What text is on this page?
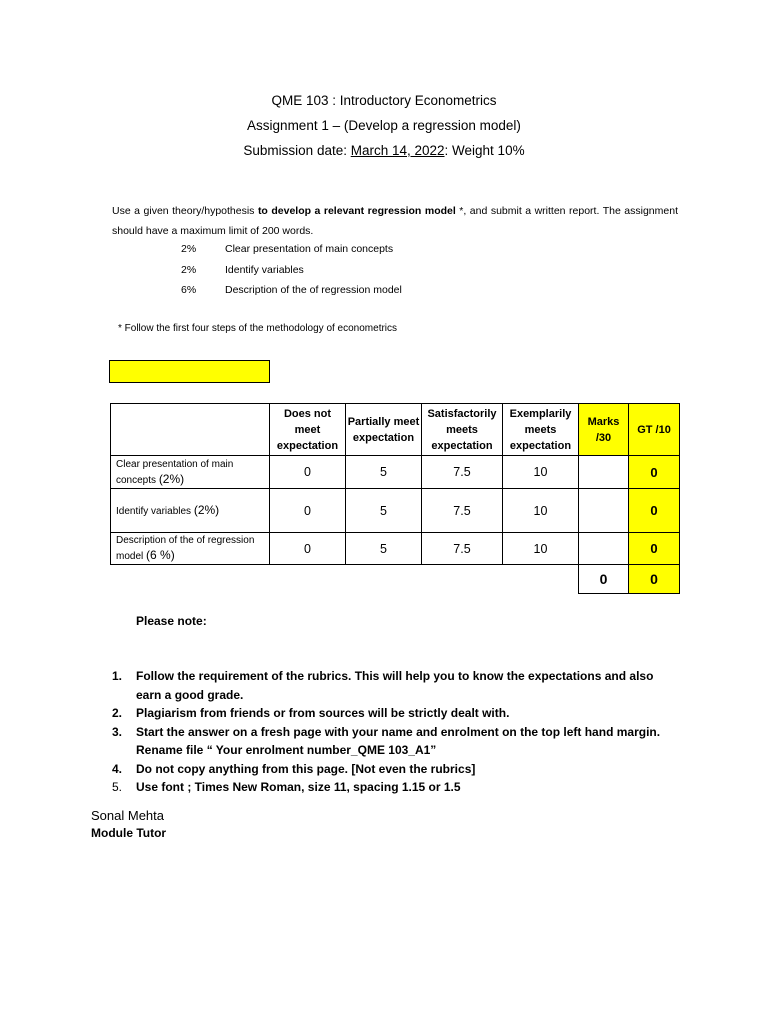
QME 103 : Introductory Econometrics
Assignment 1 – (Develop a regression model)
Submission date: March 14, 2022: Weight 10%
Use a given theory/hypothesis to develop a relevant regression model *, and submit a written report. The assignment should have a maximum limit of 200 words.
2%	Clear presentation of main concepts
2%	Identify variables
6%	Description of the of regression model
* Follow the first four steps of the methodology of econometrics
	Does not meet expectation	Partially meet expectation	Satisfactorily meets expectation	Exemplarily meets expectation	Marks /30	GT /10
Clear presentation of main concepts (2%)	0	5	7.5	10		0
Identify variables (2%)	0	5	7.5	10		0
Description of the of regression model (6 %)	0	5	7.5	10		0
					0	0
Please note:
1. Follow the requirement of the rubrics. This will help you to know the expectations and also earn a good grade.
2. Plagiarism from friends or from sources will be strictly dealt with.
3. Start the answer on a fresh page with your name and enrolment on the top left hand margin. Rename file “ Your enrolment number_QME 103_A1”
4. Do not copy anything from this page. [Not even the rubrics]
5. Use font ; Times New Roman, size 11, spacing 1.15 or 1.5
Sonal Mehta
Module Tutor
